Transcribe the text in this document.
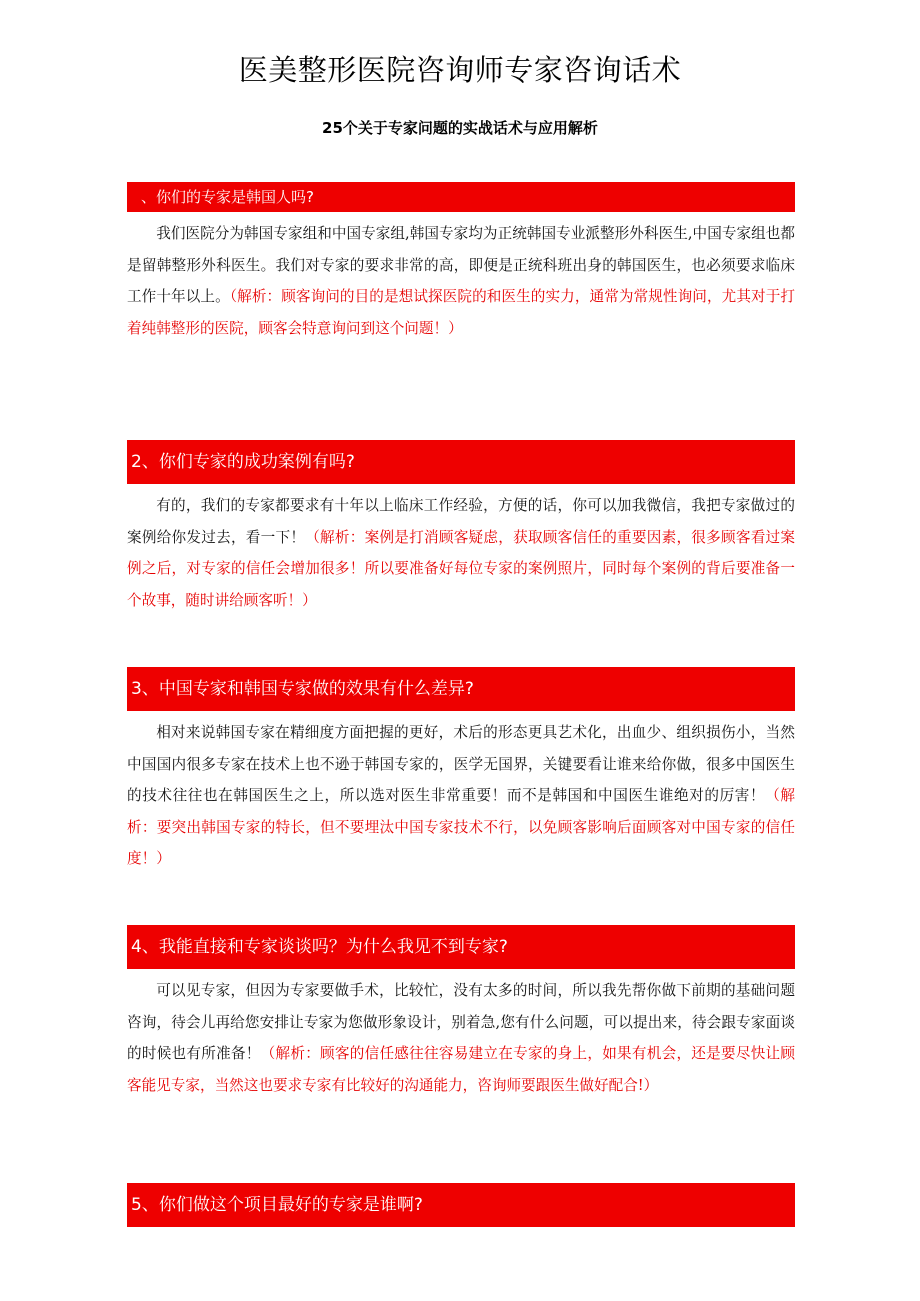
医美整形医院咨询师专家咨询话术
25个关于专家问题的实战话术与应用解析
、你们的专家是韩国人吗?

我们医院分为韩国专家组和中国专家组,韩国专家均为正统韩国专业派整形外科医生,中国专家组也都是留韩整形外科医生。我们对专家的要求非常的高，即便是正统科班出身的韩国医生，也必须要求临床工作十年以上。（解析：顾客询问的目的是想试探医院的和医生的实力，通常为常规性询问，尤其对于打着纯韩整形的医院，顾客会特意询问到这个问题！）

2、你们专家的成功案例有吗?

有的，我们的专家都要求有十年以上临床工作经验，方便的话，你可以加我微信，我把专家做过的案例给你发过去，看一下！（解析：案例是打消顾客疑虑，获取顾客信任的重要因素，很多顾客看过案例之后，对专家的信任会增加很多！所以要准备好每位专家的案例照片，同时每个案例的背后要准备一个故事，随时讲给顾客听！）

3、中国专家和韩国专家做的效果有什么差异?

相对来说韩国专家在精细度方面把握的更好，术后的形态更具艺术化，出血少、组织损伤小，当然中国国内很多专家在技术上也不逊于韩国专家的，医学无国界，关键要看让谁来给你做，很多中国医生的技术往往也在韩国医生之上，所以选对医生非常重要！而不是韩国和中国医生谁绝对的厉害！（解析：要突出韩国专家的特长，但不要埋汰中国专家技术不行，以免顾客影响后面顾客对中国专家的信任度！）

4、我能直接和专家谈谈吗？为什么我见不到专家?

可以见专家，但因为专家要做手术，比较忙，没有太多的时间，所以我先帮你做下前期的基础问题咨询，待会儿再给您安排让专家为您做形象设计，别着急,您有什么问题，可以提出来，待会跟专家面谈的时候也有所准备！（解析：顾客的信任感往往容易建立在专家的身上，如果有机会，还是要尽快让顾客能见专家，当然这也要求专家有比较好的沟通能力，咨询师要跟医生做好配合!）

5、你们做这个项目最好的专家是谁啊?
